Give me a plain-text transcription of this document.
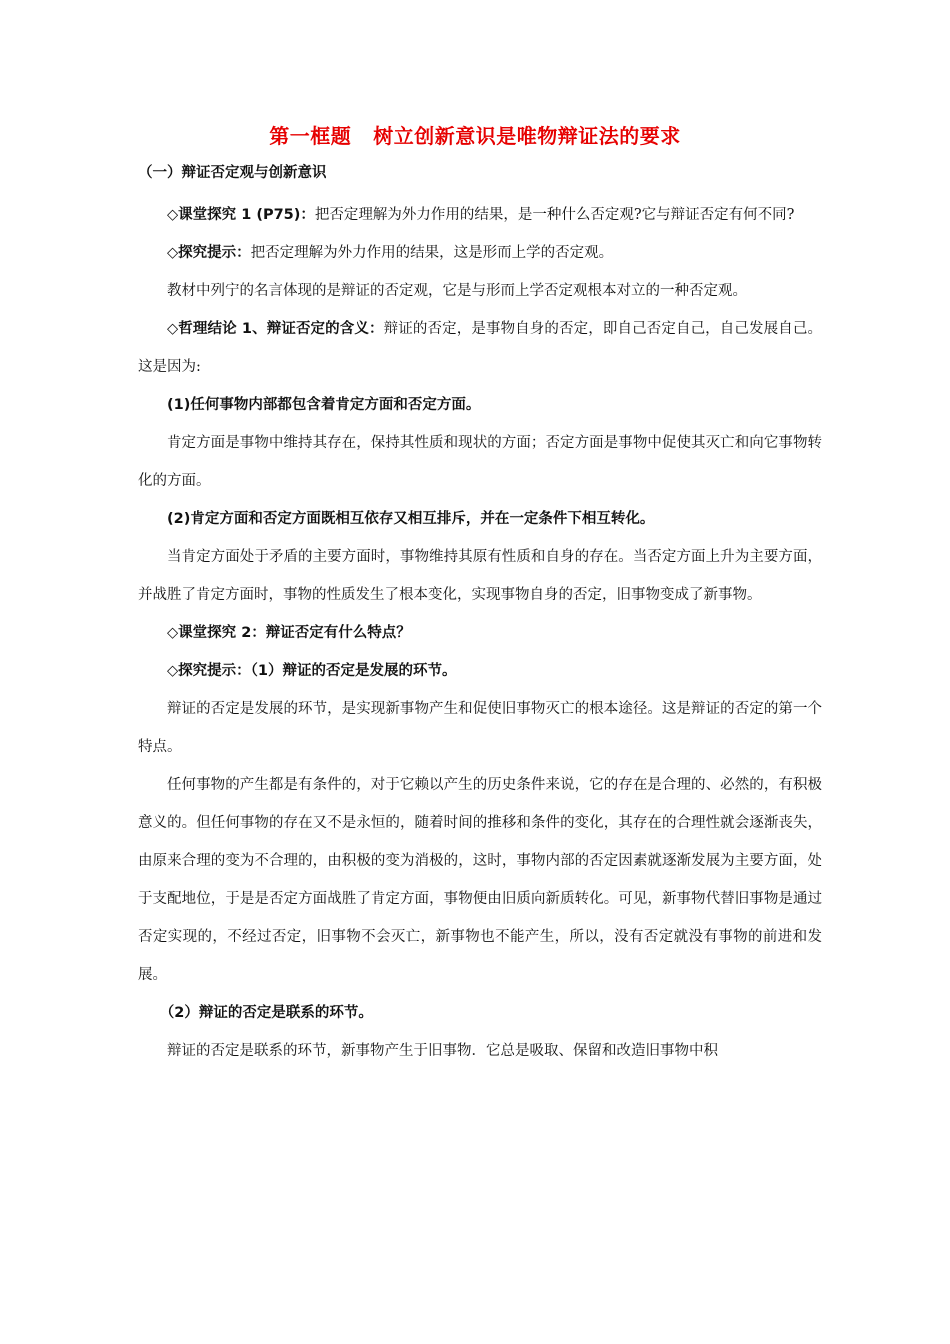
第一框题 树立创新意识是唯物辩证法的要求
（一）辩证否定观与创新意识

◇课堂探究 1 (P75)：把否定理解为外力作用的结果，是一种什么否定观?它与辩证否定有何不同?

◇探究提示：把否定理解为外力作用的结果，这是形而上学的否定观。

教材中列宁的名言体现的是辩证的否定观，它是与形而上学否定观根本对立的一种否定观。

◇哲理结论 1、辩证否定的含义：辩证的否定，是事物自身的否定，即自己否定自己，自己发展自己。这是因为:

(1)任何事物内部都包含着肯定方面和否定方面。

肯定方面是事物中维持其存在，保持其性质和现状的方面；否定方面是事物中促使其灭亡和向它事物转化的方面。

(2)肯定方面和否定方面既相互依存又相互排斥，并在一定条件下相互转化。

当肯定方面处于矛盾的主要方面时，事物维持其原有性质和自身的存在。当否定方面上升为主要方面，并战胜了肯定方面时，事物的性质发生了根本变化，实现事物自身的否定，旧事物变成了新事物。

◇课堂探究 2：辩证否定有什么特点？

◇探究提示：（1）辩证的否定是发展的环节。

辩证的否定是发展的环节，是实现新事物产生和促使旧事物灭亡的根本途径。这是辩证的否定的第一个特点。

任何事物的产生都是有条件的，对于它赖以产生的历史条件来说，它的存在是合理的、必然的，有积极意义的。但任何事物的存在又不是永恒的，随着时间的推移和条件的变化，其存在的合理性就会逐渐丧失，由原来合理的变为不合理的，由积极的变为消极的，这时，事物内部的否定因素就逐渐发展为主要方面，处于支配地位，于是是否定方面战胜了肯定方面，事物便由旧质向新质转化。可见，新事物代替旧事物是通过否定实现的，不经过否定，旧事物不会灭亡，新事物也不能产生，所以，没有否定就没有事物的前进和发展。

（2）辩证的否定是联系的环节。

辩证的否定是联系的环节，新事物产生于旧事物．它总是吸取、保留和改造旧事物中积
